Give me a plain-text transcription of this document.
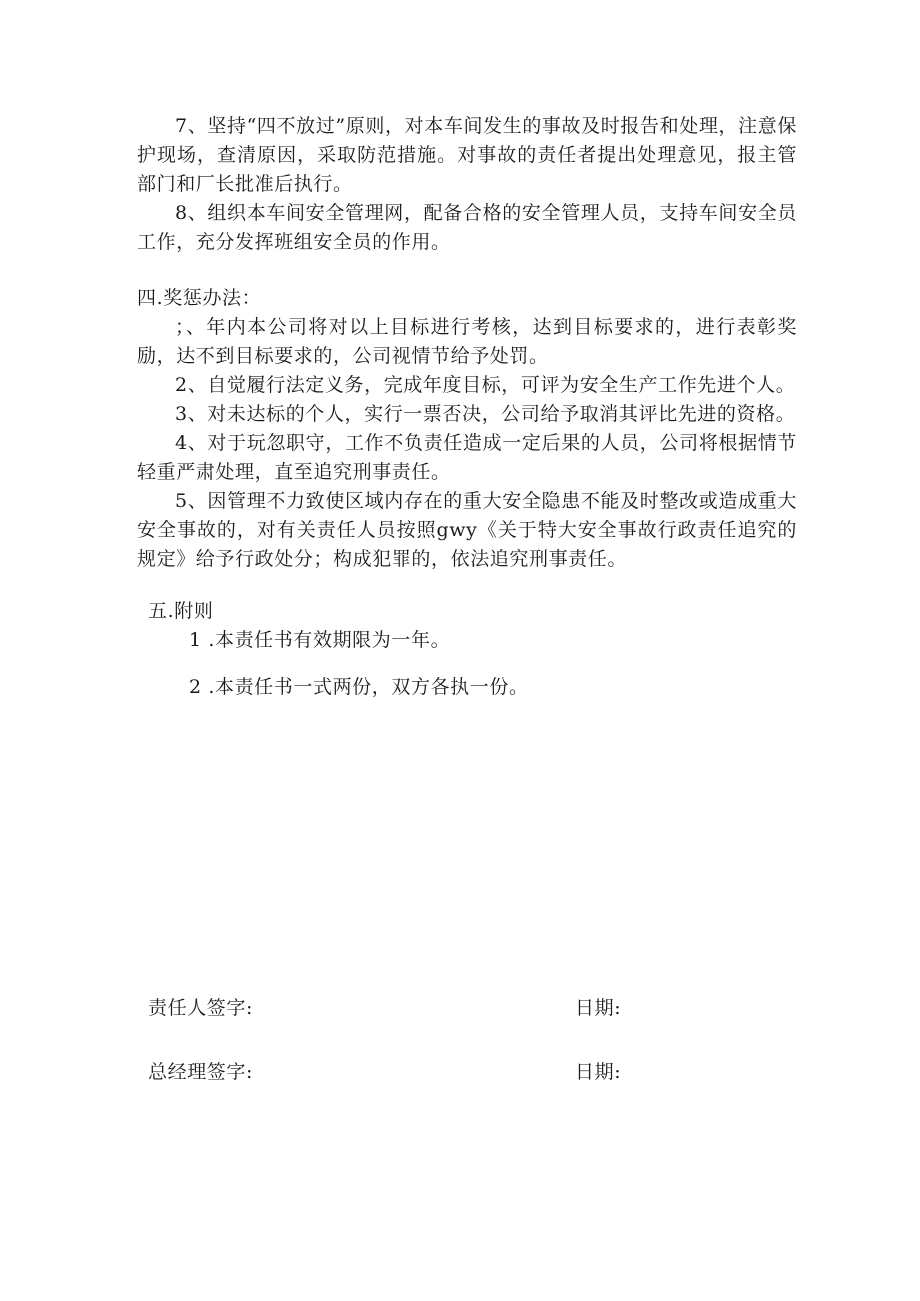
7、坚持“四不放过”原则，对本车间发生的事故及时报告和处理，注意保护现场，查清原因，采取防范措施。对事故的责任者提出处理意见，报主管部门和厂长批准后执行。

8、组织本车间安全管理网，配备合格的安全管理人员，支持车间安全员工作，充分发挥班组安全员的作用。

四.奖惩办法：

；、年内本公司将对以上目标进行考核，达到目标要求的，进行表彰奖励，达不到目标要求的，公司视情节给予处罚。

2、自觉履行法定义务，完成年度目标，可评为安全生产工作先进个人。

3、对未达标的个人，实行一票否决，公司给予取消其评比先进的资格。

4、对于玩忽职守，工作不负责任造成一定后果的人员，公司将根据情节轻重严肃处理，直至追究刑事责任。

5、因管理不力致使区域内存在的重大安全隐患不能及时整改或造成重大安全事故的，对有关责任人员按照gwy《关于特大安全事故行政责任追究的规定》给予行政处分；构成犯罪的，依法追究刑事责任。

五.附则

1 .本责任书有效期限为一年。

2 .本责任书一式两份，双方各执一份。

责任人签字:	日期:
总经理签字:	日期:
